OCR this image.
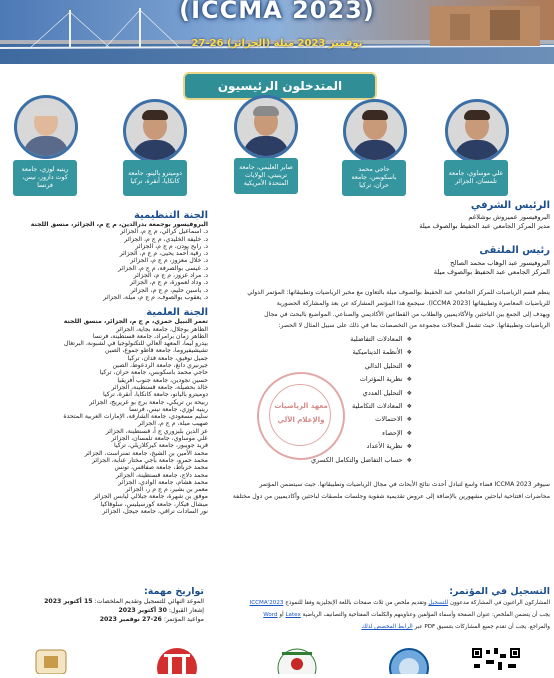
(ICCMA 2023)
27-26 نوفمبر 2023 ميلة (الجزائر)
المتدخلون الرئيسيون
علي موساوي، جامعة تلمسان، الجزائر
حاجي محمد باسكوبس، جامعة حران، تركيا
صابر العليمي، جامعة ترينيتي، الولايات المتحدة الأمريكية
دوميترو بالينو، جامعة كانكايا، أنقرة، تركيا
رينيه لوزي، جامعة كوت دازور، نيس، فرنسا
الرئيس الشرفي
البروفيسور عميروش بوشلاغم
مدير المركز الجامعي عبد الحفيظ بوالصوف ميلة
رئيس الملتقى
البروفيسور عبد الوهاب محمد الصالح
المركز الجامعي عبد الحفيظ بوالصوف ميلة
ينظم قسم الرياضيات للمركز الجامعي عبد الحفيظ بوالصوف ميلة بالتعاون مع مخبر الرياضيات وتطبيقاتها: المؤتمر الدولي
للرياضيات المعاصرة وتطبيقاتها (ICCMA 2023). سيجمع هذا المؤتمر المشاركة عن بعد والمشاركة الحضورية
ويهدف إلى الجمع بين الباحثين والأكاديميين والطلاب من القطاعين الأكاديمي والصناعي. المواضيع بالبحث في مجال
الرياضيات وتطبيقاتها. حيث تشمل المجالات مجموعة من التخصصات بما في ذلك على سبيل المثال لا الحصر:
❖المعادلات التفاضلية
❖الأنظمة الديناميكية
❖التحليل الدالي
❖نظرية المؤثرات
❖التحليل العددي
❖المعادلات التكاملية
❖الاحتمالات
❖الإحصاء
❖نظرية الأعداد
❖حساب التفاضل والتكامل الكسري
سيوفر ICCMA 2023 فضاء واسع لتبادل أحدث نتائج الأبحاث في مجال الرياضيات وتطبيقاتها. حيث سيتضمن المؤتمر
محاضرات افتتاحية لباحثين مشهورين بالإضافة إلى عروض تقديمية شفوية وجلسات ملصقات لباحثين وأكاديميين من دول مختلفة
معهد الرياضيات
والإعلام الآلي
الجنة التنظيمية
البروفيسور بوجمعة بدرالدين، م ج م، الجزائر، منسق اللجنة
د. اسماعيل كرالي، م ج م، الجزائر
د. خليفة الخليدي، م ج م، الجزائر
د. رابح بودن، م ج م، الجزائر
د. رقية أحمد يحيى، م ج م، الجزائر
د. خلال معزوز، م ج م، الجزائر
د. عيسى بوالصرفة، م ج م، الجزائر
د. مراد عزوز، م ج م، الجزائر
د. وداد لعمورة، م ج م، الجزائر
د. ياسين حليم، م ج م، الجزائر
د. يعقوب بوالصوف، م ج م، ميلة، الجزائر
الجنة العلمية
تعمر النبيل حمري، م ج م، الجزائر، منسق اللجنة
الطاهر بوجلال، جامعة بجاية، الجزائر
الطاهر زمان برامراد، جامعة قسنطينة، فرنسا
بيدرو ليما، المعهد العالي للتكنولوجيا في لشبونة، البرتغال
تشيشيفيروما، جامعة قاطو جموع، الصين
جميل توفيق، جامعة قدان، تركيا
جيرنيري دانغ، جامعة الردعوط، الصين
حاجي محمد باسكوبس، جامعة حران، تركيا
حسين نجودين، جامعة جنوب أفريقيا
خالد بحصيلة، جامعة قسنطينة، الجزائر
دوميترو باليانو، جامعة كانكايا، أنقرة، تركيا
ربيحة بن تريكي، جامعة برج بو عريريج، الجزائر
رينيه لوزي، جامعة نيس، فرنسا
سليم مسعودي، جامعة الشارقة، الإمارات العربية المتحدة
صهيب ميلة، م ج م، الجزائر
عز الدين بلبزوري ج أ، قسنطينة، الجزائر
علي موساوي، جامعة تلمسان، الجزائر
قريد جويبور، جامعة كيركلاريلي، تركيا
محمد الأمين بن الشيخ، جامعة تمنراست، الجزائر
محمد حمرو، جامعة باجي مختار عنابة، الجزائر
محمد خرباط، جامعة صفاقس، تونس
محمد دلاج، جامعة قسنطينة، الجزائر
محمد هشام، جامعة الوادي، الجزائر
معمر بن بشير، م ج م ر، الجزائر
موفق بن شهرة، جامعة جيلالي ليابس الجزائر
ميشال فيكار، جامعة كورسيليس، سلوفاكيا
نور السادات تراقي، جامعة جيجل، الجزائر
تواريخ مهمة:
الموعد النهائي للتسجيل وتقديم الملخصات: 15 أكتوبر 2023
إشعار القبول: 30 أكتوبر 2023
مواعيد المؤتمر: 26-27 نوفمبر 2023
التسجيل في المؤتمر:
المشاركون الراغبون في المشاركة مدعوون للتسجيل وتقديم ملخص من ثلاث صفحات باللغة الإنجليزية وفقا للنموذج ICCMA'2023
يجب أن يتضمن الملخص: عنوان الصفحة وأسماء المؤلفين وعناوينهم والكلمات المفتاحية والتصانيف الرياضية Latex أو Word
والمراجع. يجب أن تقدم جميع المشاركات بتنسيق PDF عبر الرابط المخصص لذلك
